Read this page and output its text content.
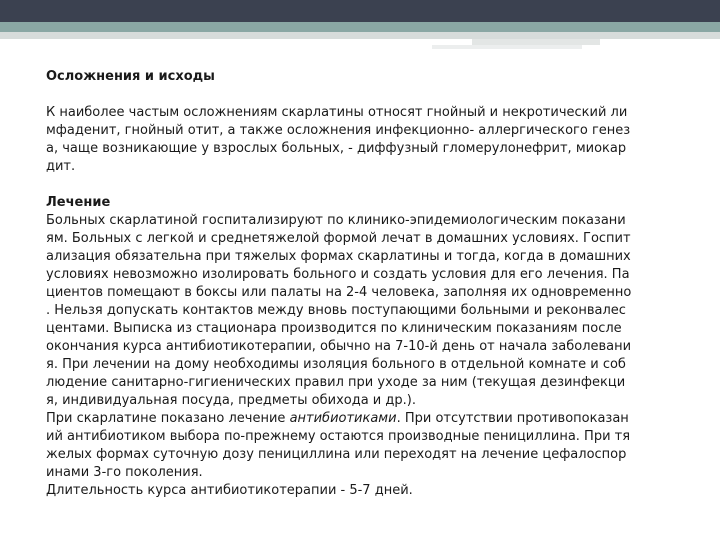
Осложнения и исходы

К наиболее частым осложнениям скарлатины относят гнойный и некротический ли
мфаденит, гнойный отит, а также осложнения инфекционно- аллергического генез
а, чаще возникающие у взрослых больных, - диффузный гломерулонефрит, миокар
дит.

Лечение

Больных скарлатиной госпитализируют по клинико-эпидемиологическим показани
ям. Больных с легкой и среднетяжелой формой лечат в домашних условиях. Госпит
ализация обязательна при тяжелых формах скарлатины и тогда, когда в домашних
условиях невозможно изолировать больного и создать условия для его лечения. Па
циентов помещают в боксы или палаты на 2-4 человека, заполняя их одновременно
. Нельзя допускать контактов между вновь поступающими больными и реконвалес
центами. Выписка из стационара производится по клиническим показаниям после
окончания курса антибиотикотерапии, обычно на 7-10-й день от начала заболевани
я. При лечении на дому необходимы изоляция больного в отдельной комнате и соб
людение санитарно-гигиенических правил при уходе за ним (текущая дезинфекци
я, индивидуальная посуда, предметы обихода и др.).
При скарлатине показано лечение антибиотиками. При отсутствии противопоказан
ий антибиотиком выбора по-прежнему остаются производные пенициллина. При тя
желых формах суточную дозу пенициллина или переходят на лечение цефалоспор
инами 3-го поколения.
Длительность курса антибиотикотерапии - 5-7 дней.
